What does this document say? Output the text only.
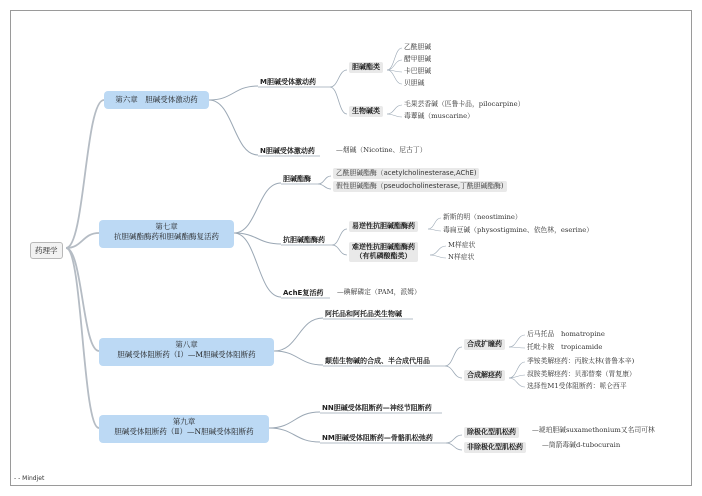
药理学
第六章　胆碱受体激动药
M胆碱受体激动药
胆碱酯类
乙酰胆碱
醋甲胆碱
卡巴胆碱
贝胆碱
生物碱类
毛果芸香碱（匹鲁卡品，pilocarpine）
毒蕈碱（muscarine）
N胆碱受体激动药	—烟碱（Nicotine、尼古丁）
第七章
抗胆碱酯酶药和胆碱酯酶复活药
胆碱酯酶
乙酰胆碱酯酶（acetylcholinesterase,AChE)
假性胆碱酯酶（pseudocholinesterase,丁酰胆碱酯酶)
抗胆碱酯酶药
易逆性抗胆碱酯酶药
新斯的明（neostimine）
毒扁豆碱（physostigmine、依色林，eserine）
难逆性抗胆碱酯酶药
（有机磷酸酯类）
M样症状
N样症状
AchE复活药 —碘解磷定（PAM，派姆）
第八章
胆碱受体阻断药（Ⅰ）—M胆碱受体阻断药
阿托品和阿托品类生物碱
颠茄生物碱的合成、半合成代用品
合成扩瞳药
后马托品　homatropine
托吡卡胺　tropicamide
合成解痉药
季铵类解痉药：丙胺太林(普鲁本辛)
叔胺类解痉药：贝那替秦（胃复康）
选择性M1受体阻断药：哌仑西平
第九章
胆碱受体阻断药（Ⅱ）—N胆碱受体阻断药
NN胆碱受体阻断药—神经节阻断药
NM胆碱受体阻断药—骨骼肌松弛药
除极化型肌松药	—琥珀胆碱suxamethonium又名司可林
非除极化型肌松药	—筒箭毒碱d-tubocurain
- - Mindjet
